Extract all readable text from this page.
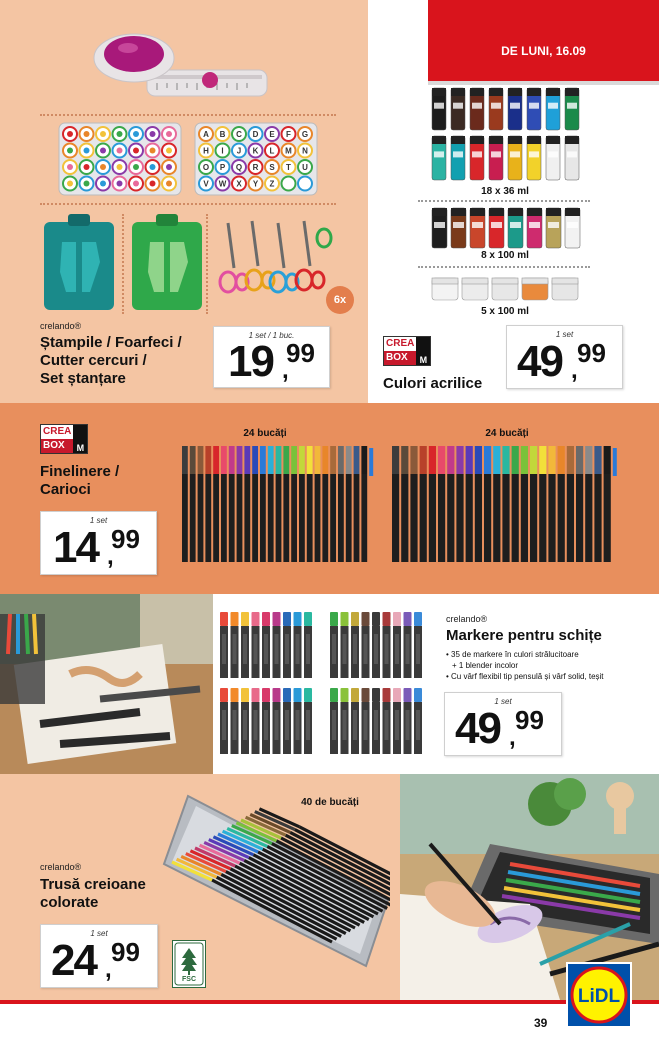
A B C D E F G
H I J K L M N
O P Q R S T U
V W X Y Z
6x
crelando®
Ștampile / Foarfeci /
Cutter cercuri /
Set ștanțare
1 set / 1 buc.
19 ,
99
DE LUNI, 16.09
18 x 36 ml
8 x 100 ml
5 x 100 ml
CREA
BOX	M
Culori acrilice
1 set
49 ,
99
CREA
BOX	M
Finelinere /
Carioci
1 set
14 ,
99
24 bucăți	24 bucăți
crelando®
Markere pentru schițe
• 35 de markere în culori strălucitoare
+ 1 blender incolor
• Cu vârf flexibil tip pensulă și vârf solid, teșit
1 set
49 ,
99
40 de bucăți
crelando®
Trusă creioane
colorate
1 set
24 ,
99
FSC
LiDL
39
